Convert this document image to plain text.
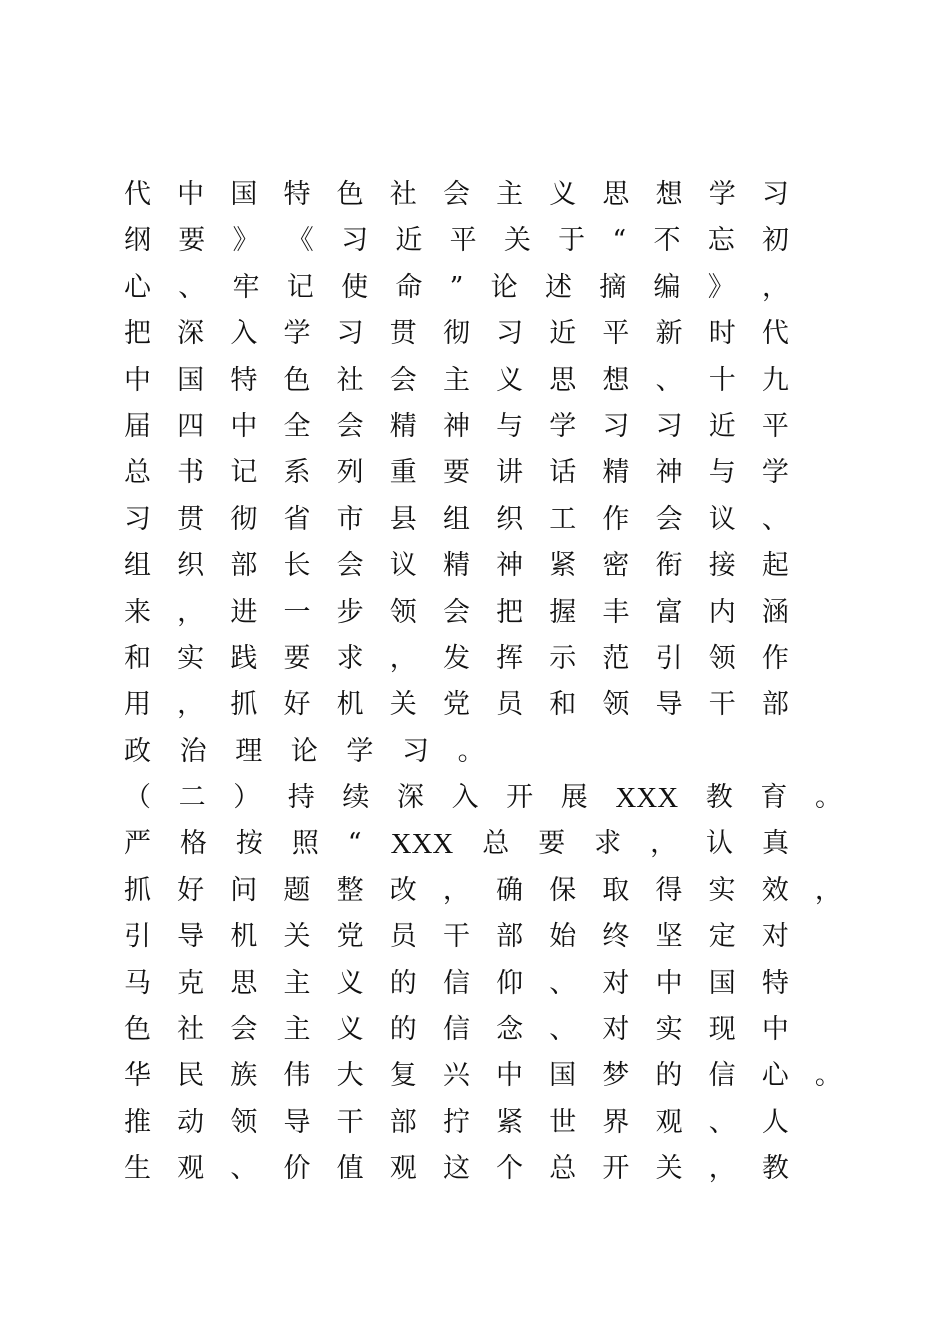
代 中 国 特 色 社 会 主 义 思 想 学 习
纲 要 》 《 习 近 平 关 于 “ 不 忘 初
心 、 牢 记 使 命 ” 论 述 摘 编 》 ，
把 深 入 学 习 贯 彻 习 近 平 新 时 代
中 国 特 色 社 会 主 义 思 想 、 十 九
届 四 中 全 会 精 神 与 学 习 习 近 平
总 书 记 系 列 重 要 讲 话 精 神 与 学
习 贯 彻 省 市 县 组 织 工 作 会 议 、
组 织 部 长 会 议 精 神 紧 密 衔 接 起
来 ， 进 一 步 领 会 把 握 丰 富 内 涵
和 实 践 要 求 ， 发 挥 示 范 引 领 作
用 ， 抓 好 机 关 党 员 和 领 导 干 部
政 治 理 论 学 习 。
（ 二 ） 持 续 深 入 开 展 XXX 教 育 。
严 格 按 照 “ XXX 总 要 求 ， 认 真
抓 好 问 题 整 改 ， 确 保 取 得 实 效 ，
引 导 机 关 党 员 干 部 始 终 坚 定 对
马 克 思 主 义 的 信 仰 、 对 中 国 特
色 社 会 主 义 的 信 念 、 对 实 现 中
华 民 族 伟 大 复 兴 中 国 梦 的 信 心 。
推 动 领 导 干 部 拧 紧 世 界 观 、 人
生 观 、 价 值 观 这 个 总 开 关 ， 教
